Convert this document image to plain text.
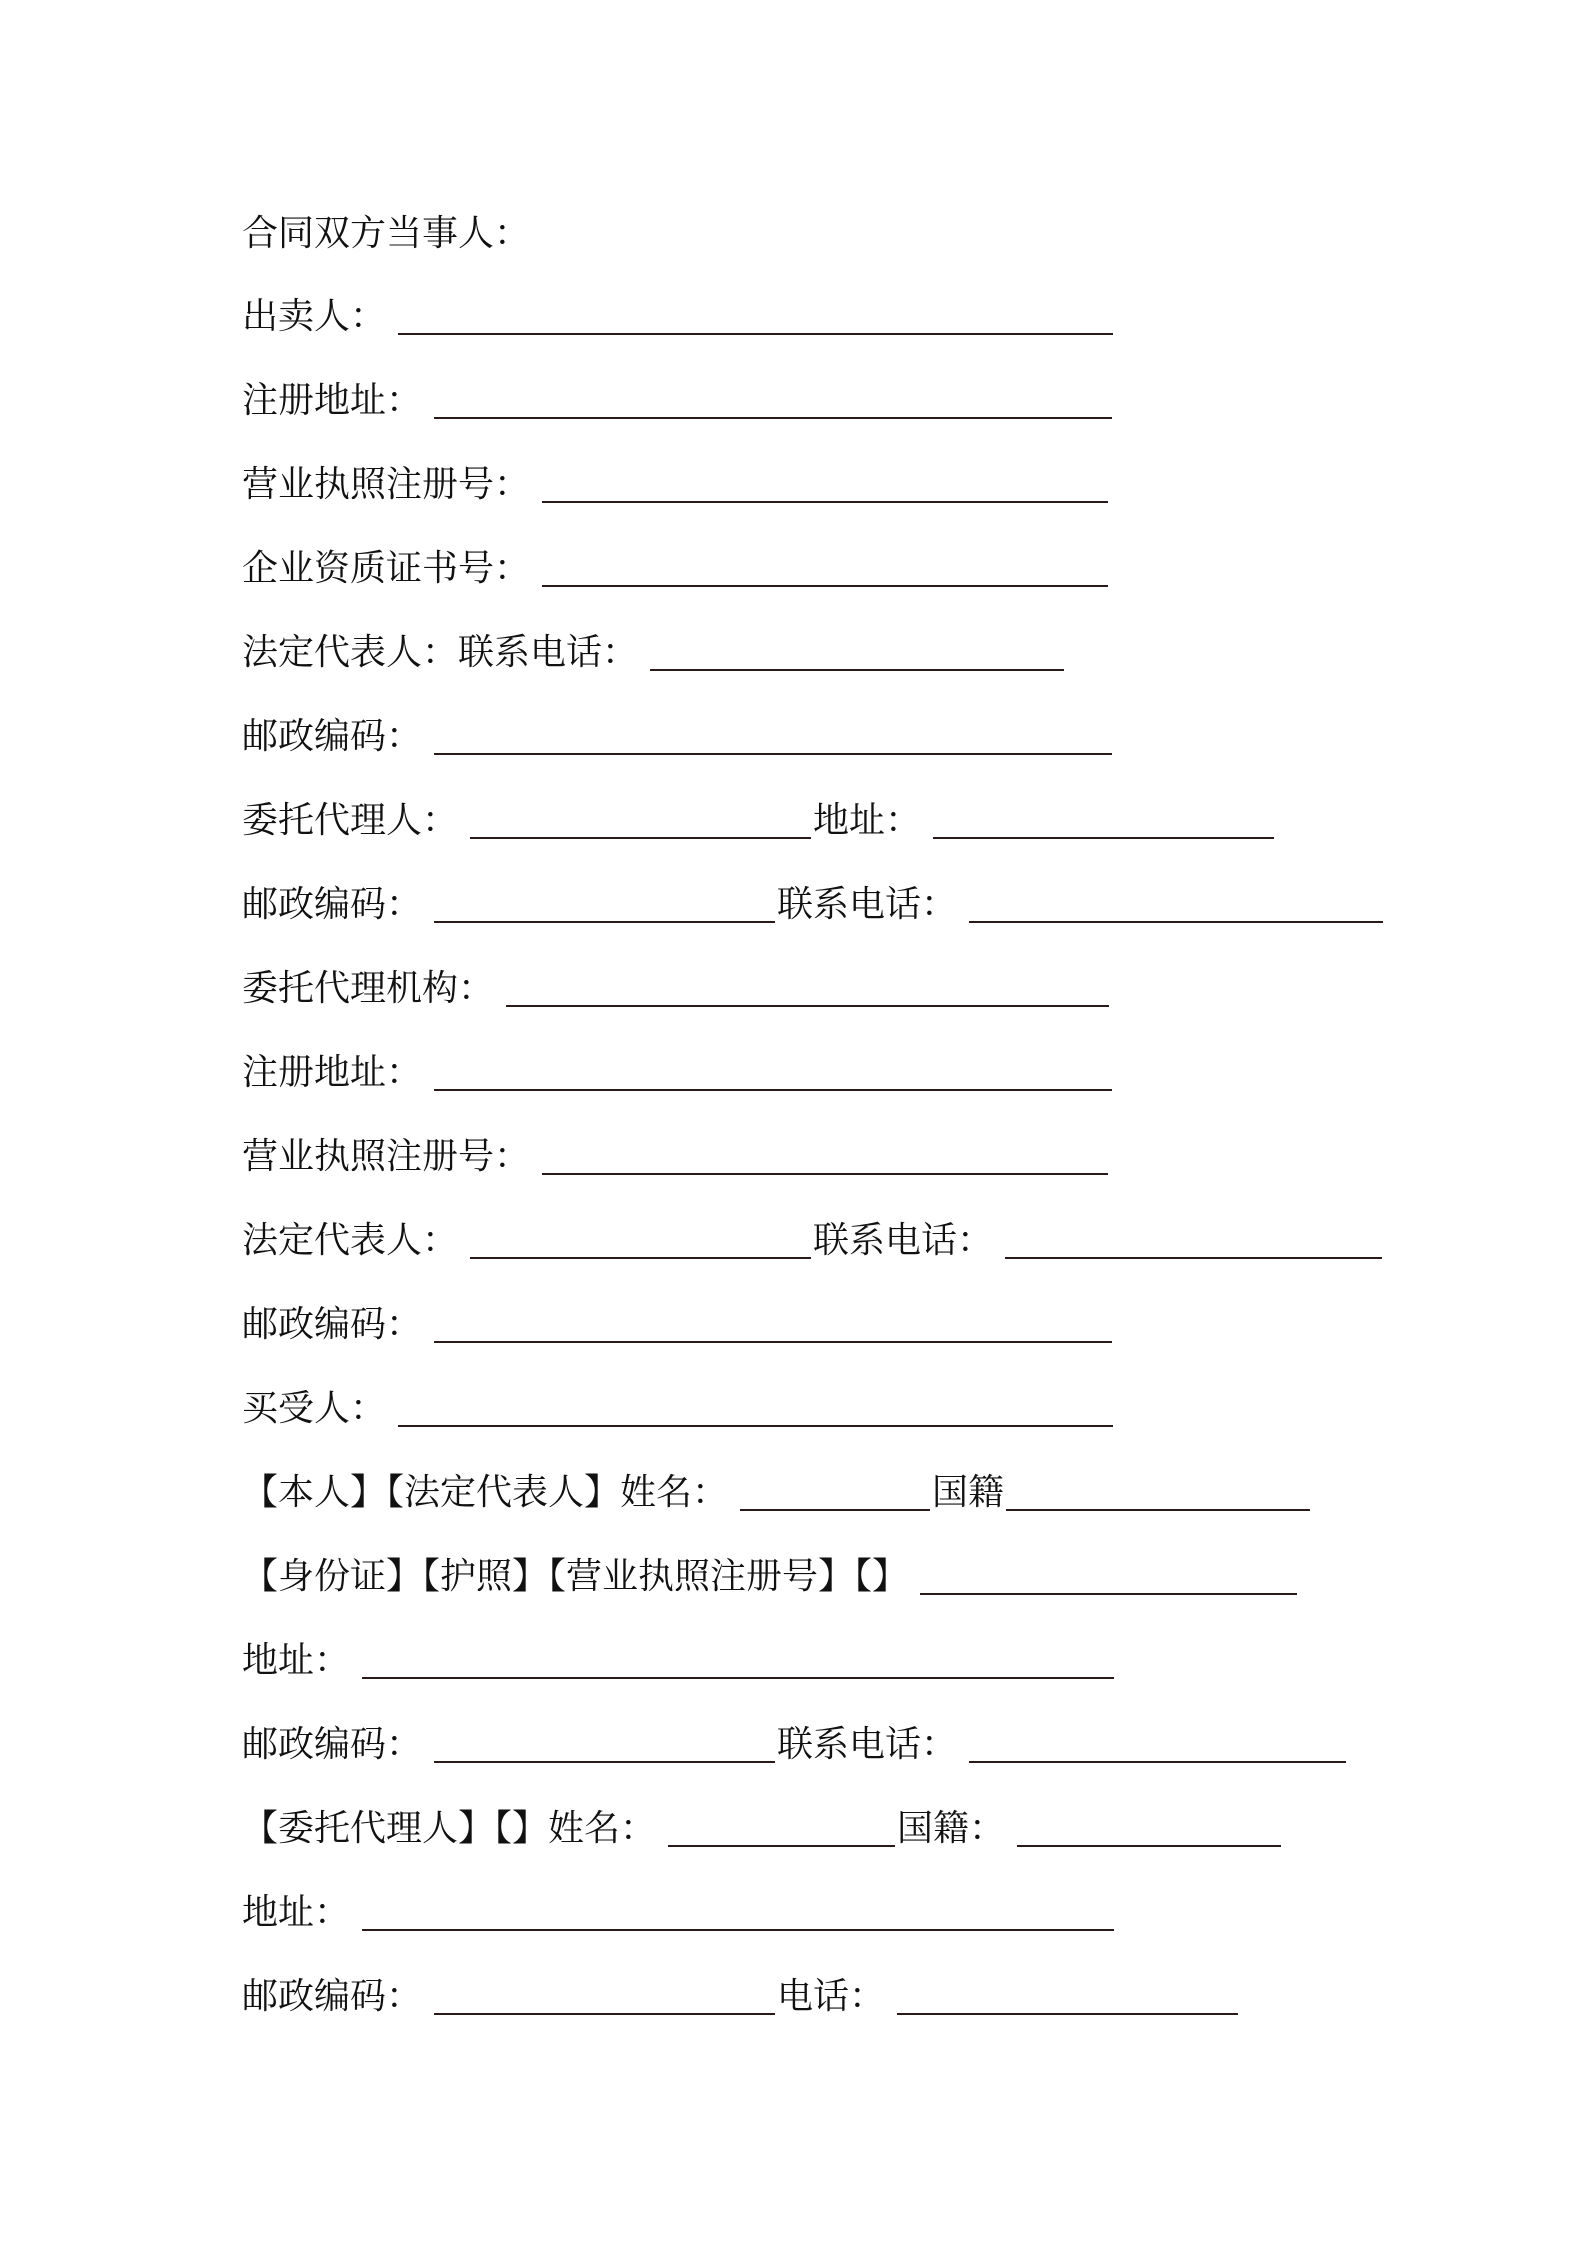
合同双方当事人：
出卖人：
注册地址：
营业执照注册号：
企业资质证书号：
法定代表人： 联系电话：
邮政编码：
委托代理人：	地址：
邮政编码：	联系电话：
委托代理机构：
注册地址：
营业执照注册号：
法定代表人：	联系电话：
邮政编码：
买受人：
【本人】【法定代表人】姓名：	国籍
【身份证】【护照】【营业执照注册号】【】
地址：
邮政编码：	联系电话：
【委托代理人】【】姓名：	国籍：
地址：
邮政编码：	电话：
